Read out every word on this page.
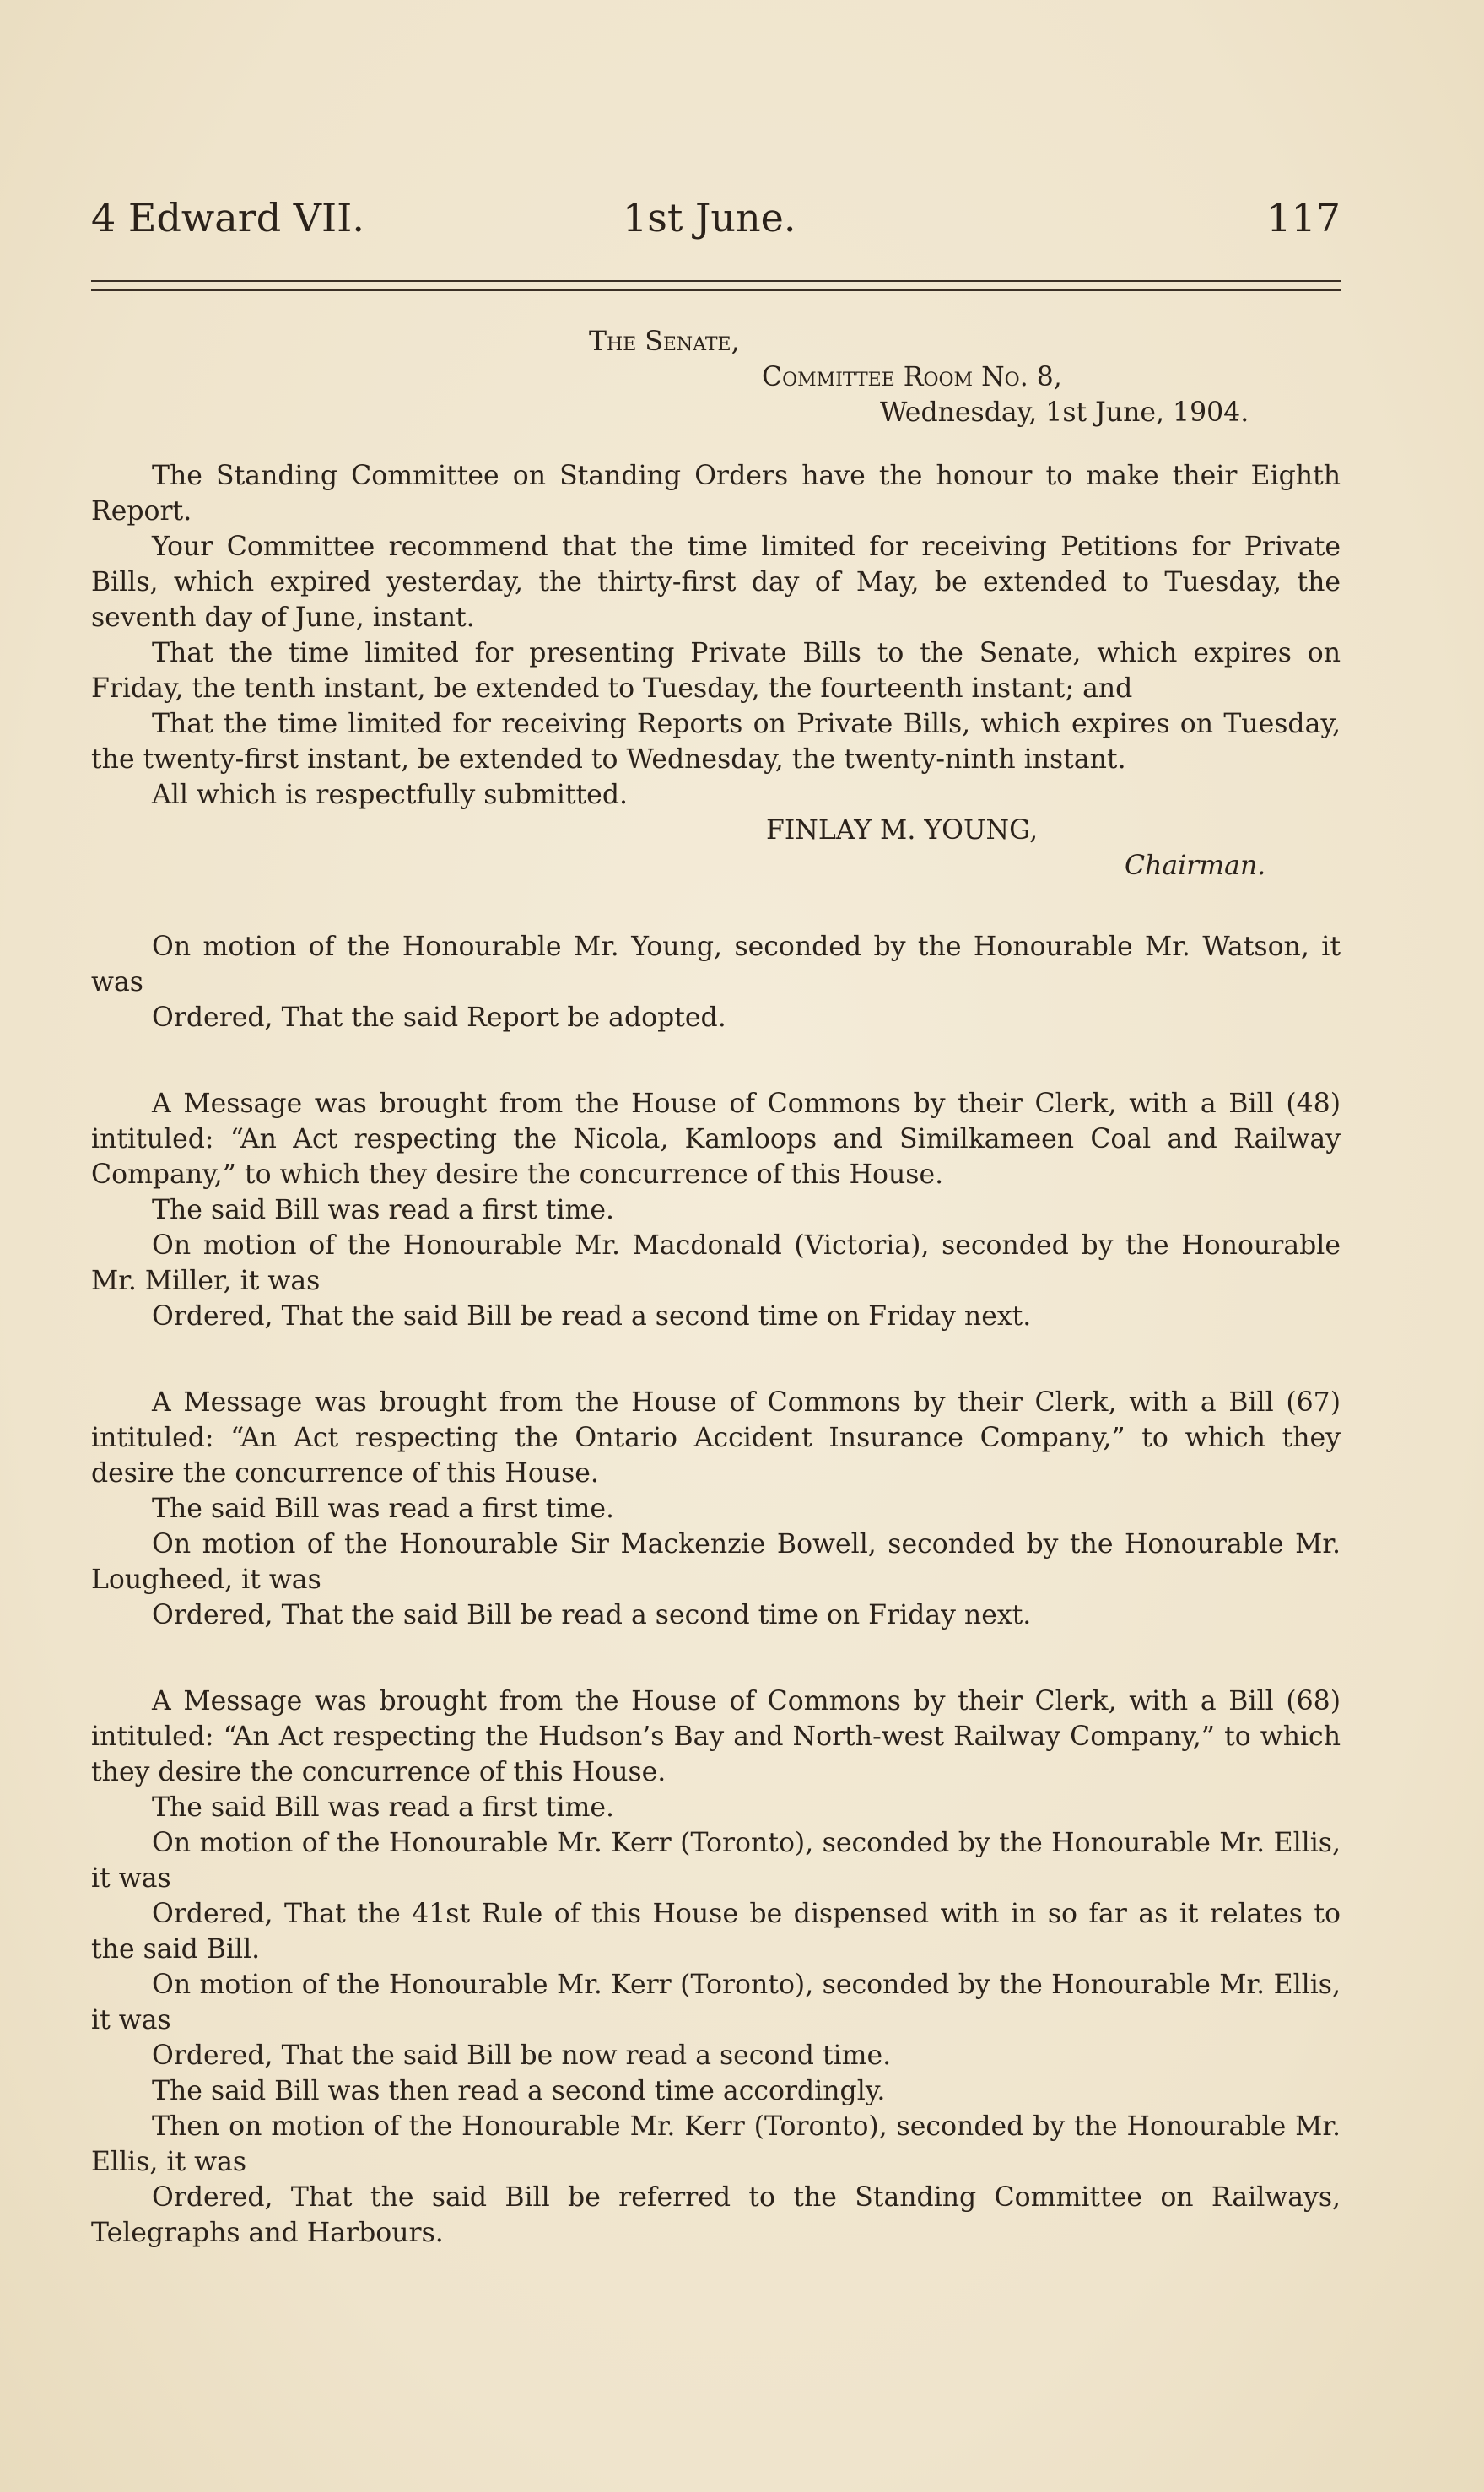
4 Edward VII.	1st June.	117

The Senate,

Committee Room No. 8,

Wednesday, 1st June, 1904.

The Standing Committee on Standing Orders have the honour to make their Eighth Report.

Your Committee recommend that the time limited for receiving Petitions for Private Bills, which expired yesterday, the thirty-first day of May, be extended to Tuesday, the seventh day of June, instant.

That the time limited for presenting Private Bills to the Senate, which expires on Friday, the tenth instant, be extended to Tuesday, the fourteenth instant; and

That the time limited for receiving Reports on Private Bills, which expires on Tuesday, the twenty-first instant, be extended to Wednesday, the twenty-ninth instant.

All which is respectfully submitted.

FINLAY M. YOUNG,

Chairman.

On motion of the Honourable Mr. Young, seconded by the Honourable Mr. Watson, it was

Ordered, That the said Report be adopted.

A Message was brought from the House of Commons by their Clerk, with a Bill (48) intituled: “An Act respecting the Nicola, Kamloops and Similkameen Coal and Railway Company,” to which they desire the concurrence of this House.

The said Bill was read a first time.

On motion of the Honourable Mr. Macdonald (Victoria), seconded by the Honourable Mr. Miller, it was

Ordered, That the said Bill be read a second time on Friday next.

A Message was brought from the House of Commons by their Clerk, with a Bill (67) intituled: “An Act respecting the Ontario Accident Insurance Company,” to which they desire the concurrence of this House.

The said Bill was read a first time.

On motion of the Honourable Sir Mackenzie Bowell, seconded by the Honourable Mr. Lougheed, it was

Ordered, That the said Bill be read a second time on Friday next.

A Message was brought from the House of Commons by their Clerk, with a Bill (68) intituled: “An Act respecting the Hudson’s Bay and North-west Railway Company,” to which they desire the concurrence of this House.

The said Bill was read a first time.

On motion of the Honourable Mr. Kerr (Toronto), seconded by the Honourable Mr. Ellis, it was

Ordered, That the 41st Rule of this House be dispensed with in so far as it relates to the said Bill.

On motion of the Honourable Mr. Kerr (Toronto), seconded by the Honourable Mr. Ellis, it was

Ordered, That the said Bill be now read a second time.

The said Bill was then read a second time accordingly.

Then on motion of the Honourable Mr. Kerr (Toronto), seconded by the Honourable Mr. Ellis, it was

Ordered, That the said Bill be referred to the Standing Committee on Railways, Telegraphs and Harbours.
